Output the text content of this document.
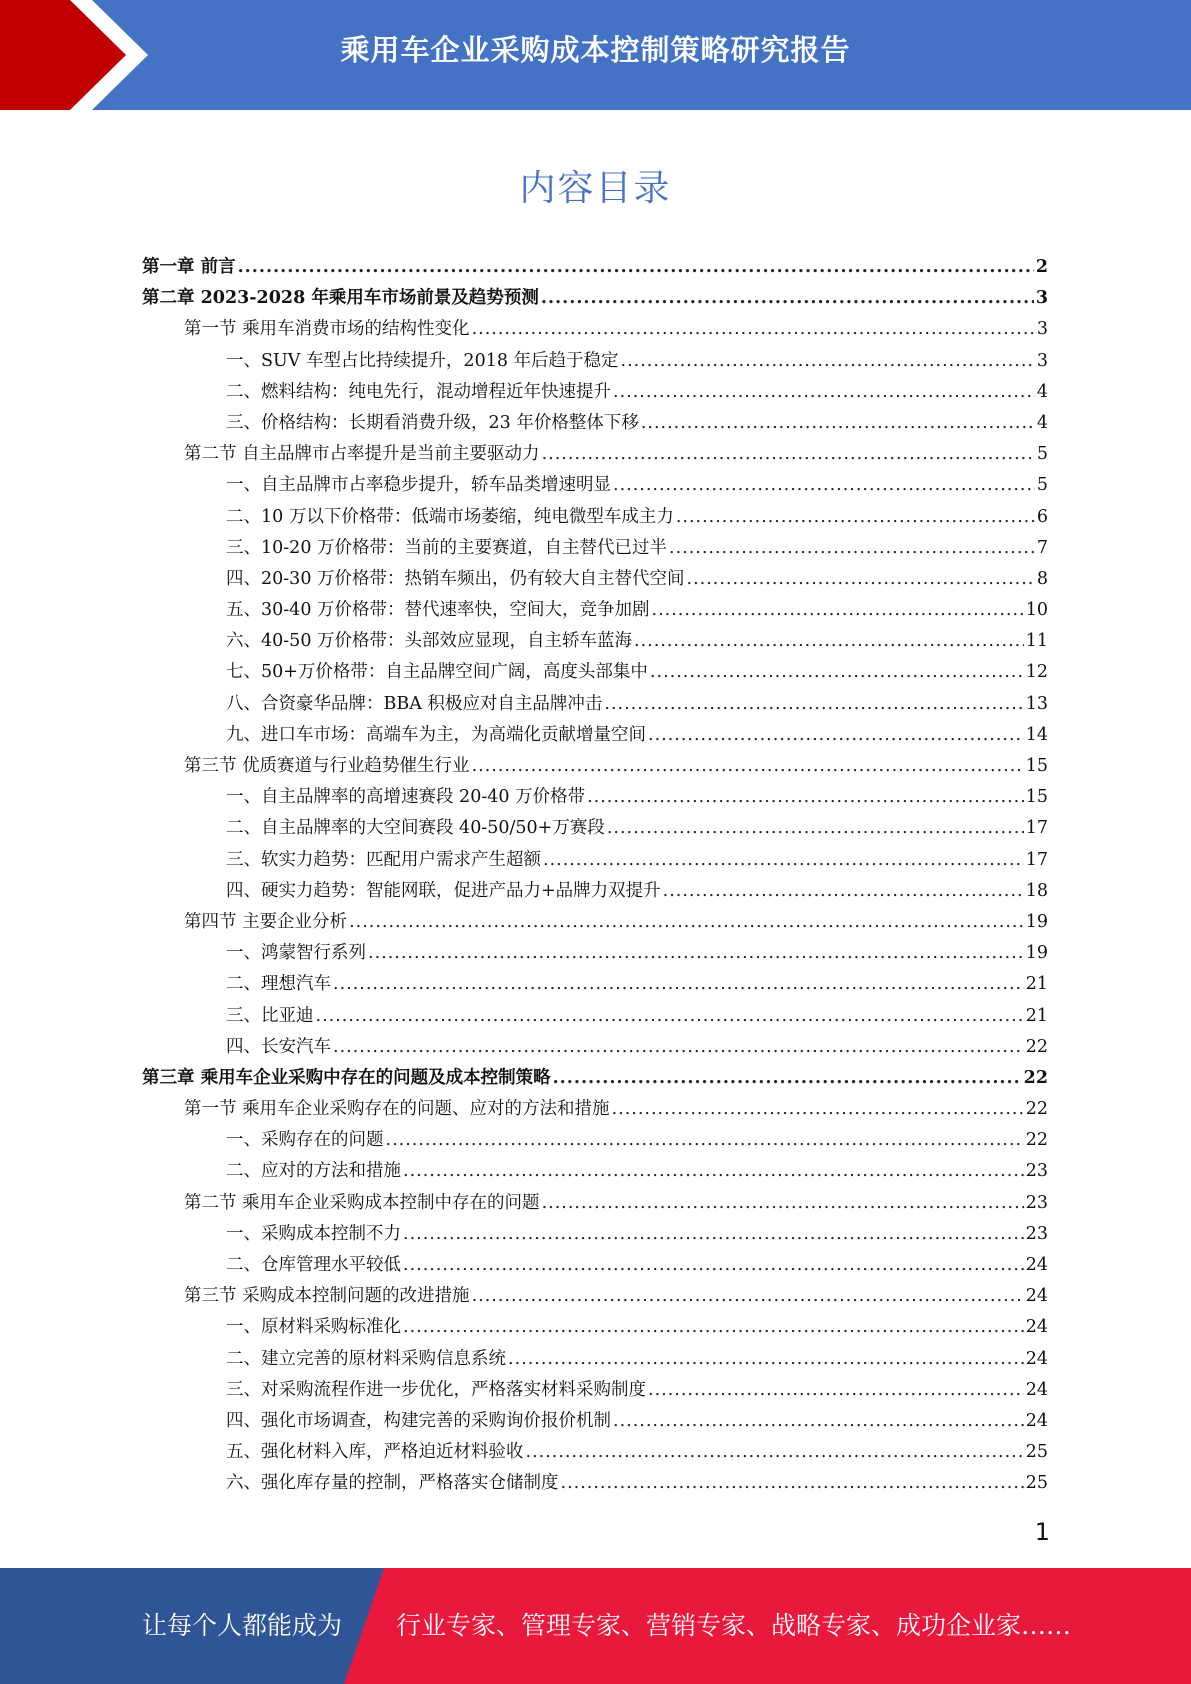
乘用车企业采购成本控制策略研究报告
内容目录
第一章 前言 .....	2
第二章 2023-2028 年乘用车市场前景及趋势预测 .....	3
第一节 乘用车消费市场的结构性变化 .....	3
一、SUV 车型占比持续提升，2018 年后趋于稳定 .....	3
二、燃料结构：纯电先行，混动增程近年快速提升 .....	4
三、价格结构：长期看消费升级，23 年价格整体下移 .....	4
第二节 自主品牌市占率提升是当前主要驱动力 .....	5
一、自主品牌市占率稳步提升，轿车品类增速明显 .....	5
二、10 万以下价格带：低端市场萎缩，纯电微型车成主力 .....	6
三、10-20 万价格带：当前的主要赛道，自主替代已过半 .....	7
四、20-30 万价格带：热销车频出，仍有较大自主替代空间 .....	8
五、30-40 万价格带：替代速率快，空间大，竞争加剧 .....	10
六、40-50 万价格带：头部效应显现，自主轿车蓝海 .....	11
七、50+万价格带：自主品牌空间广阔，高度头部集中 .....	12
八、合资豪华品牌：BBA 积极应对自主品牌冲击 .....	13
九、进口车市场：高端车为主，为高端化贡献增量空间 .....	14
第三节 优质赛道与行业趋势催生行业 .....	15
一、自主品牌率的高增速赛段 20-40 万价格带 .....	15
二、自主品牌率的大空间赛段 40-50/50+万赛段 .....	17
三、软实力趋势：匹配用户需求产生超额 .....	17
四、硬实力趋势：智能网联，促进产品力+品牌力双提升 .....	18
第四节 主要企业分析 .....	19
一、鸿蒙智行系列 .....	19
二、理想汽车 .....	21
三、比亚迪 .....	21
四、长安汽车 .....	22
第三章 乘用车企业采购中存在的问题及成本控制策略 .....	22
第一节 乘用车企业采购存在的问题、应对的方法和措施 .....	22
一、采购存在的问题 .....	22
二、应对的方法和措施 .....	23
第二节 乘用车企业采购成本控制中存在的问题 .....	23
一、采购成本控制不力 .....	23
二、仓库管理水平较低 .....	24
第三节 采购成本控制问题的改进措施 .....	24
一、原材料采购标准化 .....	24
二、建立完善的原材料采购信息系统 .....	24
三、对采购流程作进一步优化，严格落实材料采购制度 .....	24
四、强化市场调查，构建完善的采购询价报价机制 .....	24
五、强化材料入库，严格迫近材料验收 .....	25
六、强化库存量的控制，严格落实仓储制度 .....	25
1
让每个人都能成为 行业专家、管理专家、营销专家、战略专家、成功企业家……
